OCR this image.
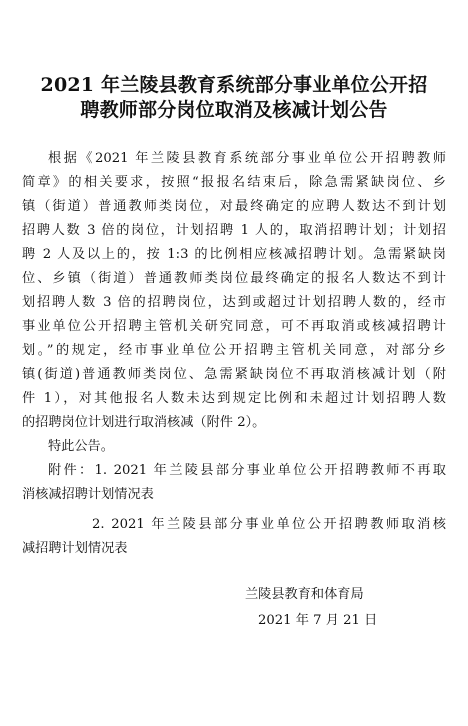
2021 年兰陵县教育系统部分事业单位公开招
聘教师部分岗位取消及核减计划公告
根据《2021 年兰陵县教育系统部分事业单位公开招聘教师
简章》的相关要求，按照“报报名结束后，除急需紧缺岗位、乡
镇（街道）普通教师类岗位，对最终确定的应聘人数达不到计划
招聘人数 3 倍的岗位，计划招聘 1 人的，取消招聘计划；计划招
聘 2 人及以上的，按 1:3 的比例相应核减招聘计划。急需紧缺岗
位、乡镇（街道）普通教师类岗位最终确定的报名人数达不到计
划招聘人数 3 倍的招聘岗位，达到或超过计划招聘人数的，经市
事业单位公开招聘主管机关研究同意，可不再取消或核减招聘计
划。”的规定，经市事业单位公开招聘主管机关同意，对部分乡
镇(街道)普通教师类岗位、急需紧缺岗位不再取消核减计划（附
件 1），对其他报名人数未达到规定比例和未超过计划招聘人数
的招聘岗位计划进行取消核减（附件 2）。
特此公告。
附件：1. 2021 年兰陵县部分事业单位公开招聘教师不再取
消核减招聘计划情况表
2. 2021 年兰陵县部分事业单位公开招聘教师取消核
减招聘计划情况表
兰陵县教育和体育局
2021 年 7 月 21 日
